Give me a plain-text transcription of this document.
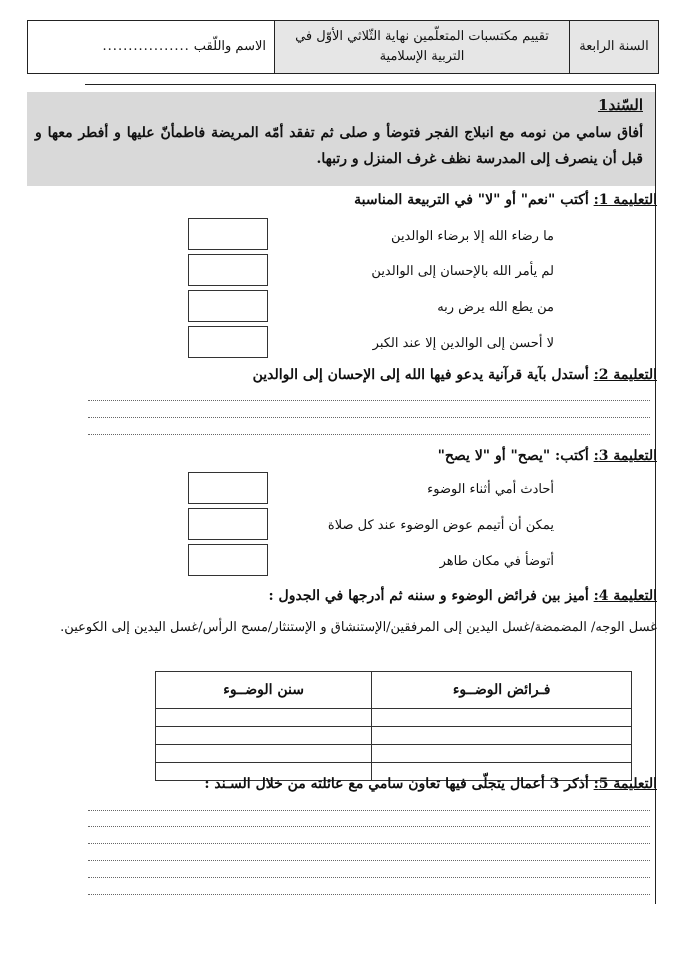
السنة الرابعة
تقييم مكتسبات المتعلّمين نهاية الثّلاثي الأوّل في التربية الإسلامية
الاسم واللّقب
.................
السّند1
أفاق سامي من نومه مع انبلاج الفجر فتوضأ و صلى ثم تفقد أمّه المريضة فاطمأنّ عليها و أفطر معها و قبل أن ينصرف إلى المدرسة نظف غرف المنزل و رتبها.
التعليمة 1: أكتب "نعم" أو "لا" في التربيعة المناسبة
ما رضاء الله إلا برضاء الوالدين
لم يأمر الله بالإحسان إلى الوالدين
من يطع الله يرض ربه
لا أحسن إلى الوالدين إلا عند الكبر
التعليمة 2: أستدل بآية قرآنية يدعو فيها الله إلى الإحسان إلى الوالدين
التعليمة 3: أكتب: "يصح" أو "لا يصح"
أحادث أمي أثناء الوضوء
يمكن أن أتيمم عوض الوضوء عند كل صلاة
أتوضأ في مكان طاهر
التعليمة 4: أميز بين فرائض الوضوء و سننه ثم أدرجها في الجدول :
غسل الوجه/ المضمضة/غسل اليدين إلى المرفقين/الإستنشاق و الإستنثار/مسح الرأس/غسل اليدين إلى الكوعين.
فـرائض الوضــوء	سنن الوضــوء

التعليمة 5: أذكر 3 أعمال يتجلّى فيها تعاون سامي مع عائلته من خلال السـند :
